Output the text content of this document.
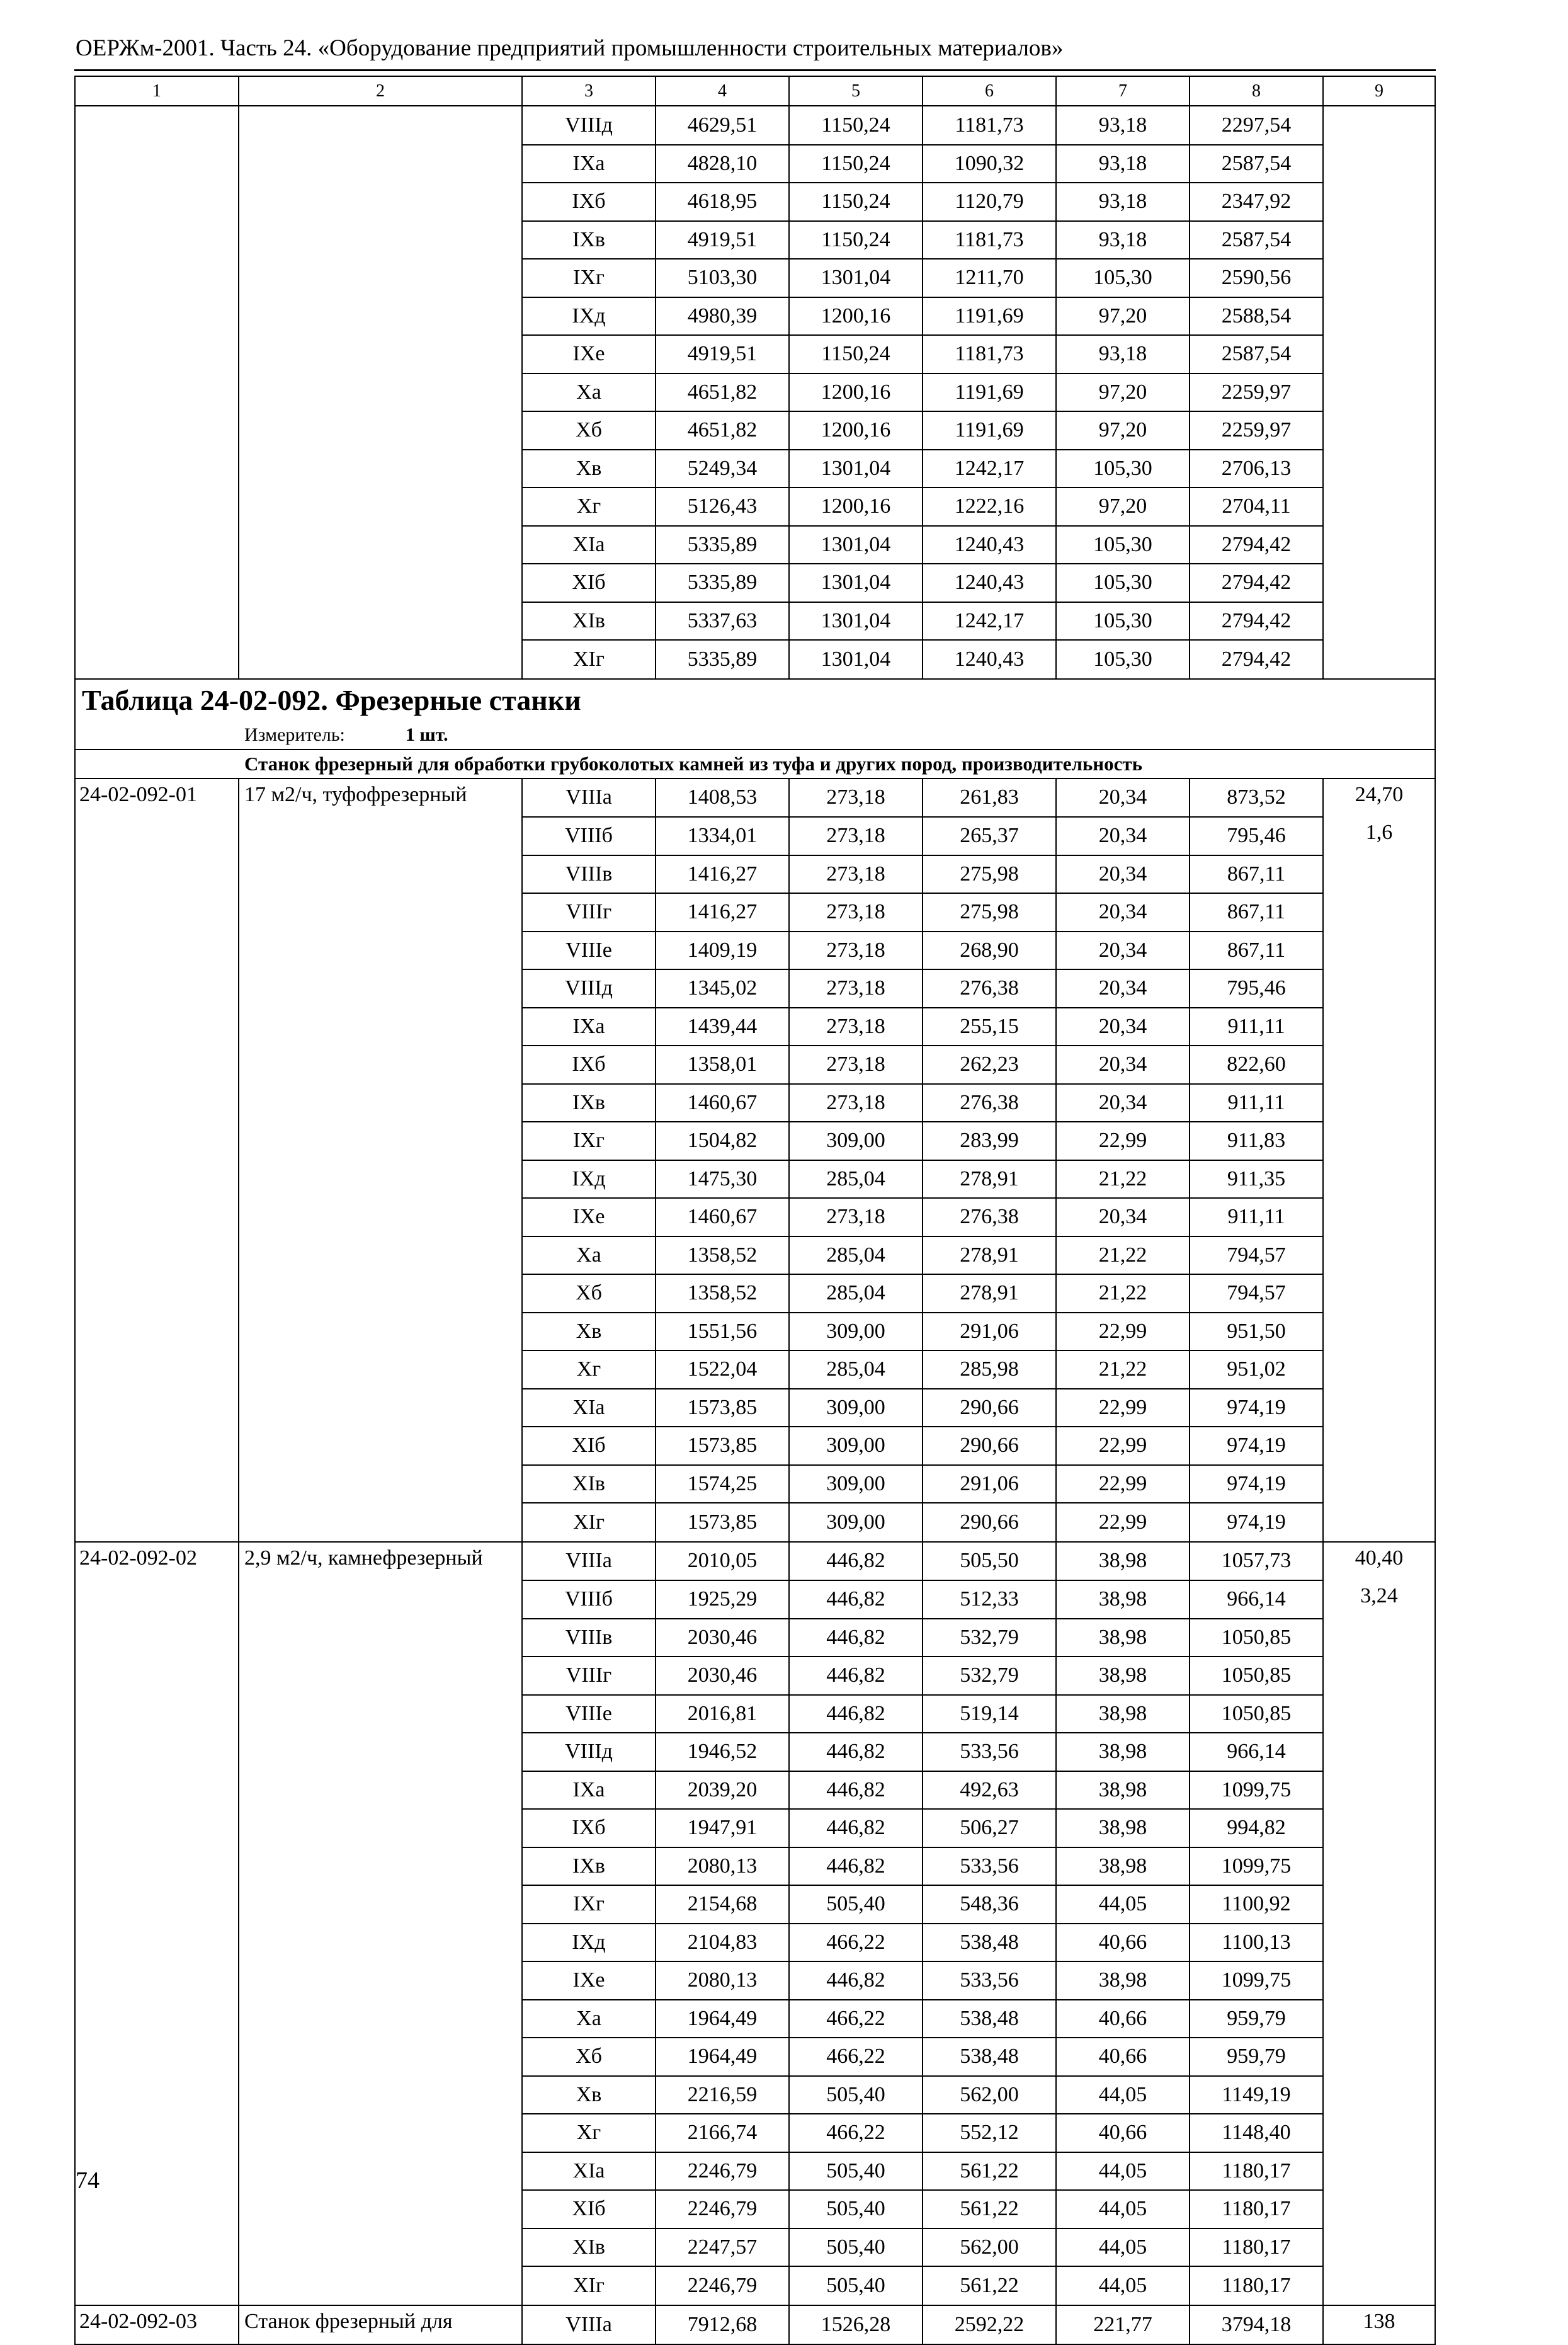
ОЕРЖм-2001. Часть 24. «Оборудование предприятий промышленности строительных материалов»
1	2	3	4	5	6	7	8	9
		VIIIд	4629,51	1150,24	1181,73	93,18	2297,54	
		IXа	4828,10	1150,24	1090,32	93,18	2587,54	
		IXб	4618,95	1150,24	1120,79	93,18	2347,92	
		IXв	4919,51	1150,24	1181,73	93,18	2587,54	
		IXг	5103,30	1301,04	1211,70	105,30	2590,56	
		IXд	4980,39	1200,16	1191,69	97,20	2588,54	
		IXе	4919,51	1150,24	1181,73	93,18	2587,54	
		Xа	4651,82	1200,16	1191,69	97,20	2259,97	
		Xб	4651,82	1200,16	1191,69	97,20	2259,97	
		Xв	5249,34	1301,04	1242,17	105,30	2706,13	
		Xг	5126,43	1200,16	1222,16	97,20	2704,11	
		XIа	5335,89	1301,04	1240,43	105,30	2794,42	
		XIб	5335,89	1301,04	1240,43	105,30	2794,42	
		XIв	5337,63	1301,04	1242,17	105,30	2794,42	
		XIг	5335,89	1301,04	1240,43	105,30	2794,42	
Таблица 24-02-092. Фрезерные станки								
Измеритель: 1 шт.								
Станок фрезерный для обработки грубоколотых камней из туфа и других пород, производительность								
24-02-092-01	17 м2/ч, туфофрезерный	VIIIа	1408,53	273,18	261,83	20,34	873,52	24,70
		VIIIб	1334,01	273,18	265,37	20,34	795,46	1,6
		VIIIв	1416,27	273,18	275,98	20,34	867,11	
		VIIIг	1416,27	273,18	275,98	20,34	867,11	
		VIIIе	1409,19	273,18	268,90	20,34	867,11	
		VIIIд	1345,02	273,18	276,38	20,34	795,46	
		IXа	1439,44	273,18	255,15	20,34	911,11	
		IXб	1358,01	273,18	262,23	20,34	822,60	
		IXв	1460,67	273,18	276,38	20,34	911,11	
		IXг	1504,82	309,00	283,99	22,99	911,83	
		IXд	1475,30	285,04	278,91	21,22	911,35	
		IXе	1460,67	273,18	276,38	20,34	911,11	
		Xа	1358,52	285,04	278,91	21,22	794,57	
		Xб	1358,52	285,04	278,91	21,22	794,57	
		Xв	1551,56	309,00	291,06	22,99	951,50	
		Xг	1522,04	285,04	285,98	21,22	951,02	
		XIа	1573,85	309,00	290,66	22,99	974,19	
		XIб	1573,85	309,00	290,66	22,99	974,19	
		XIв	1574,25	309,00	291,06	22,99	974,19	
		XIг	1573,85	309,00	290,66	22,99	974,19	
24-02-092-02	2,9 м2/ч, камнефрезерный	VIIIа	2010,05	446,82	505,50	38,98	1057,73	40,40
		VIIIб	1925,29	446,82	512,33	38,98	966,14	3,24
		VIIIв	2030,46	446,82	532,79	38,98	1050,85	
		VIIIг	2030,46	446,82	532,79	38,98	1050,85	
		VIIIе	2016,81	446,82	519,14	38,98	1050,85	
		VIIIд	1946,52	446,82	533,56	38,98	966,14	
		IXа	2039,20	446,82	492,63	38,98	1099,75	
		IXб	1947,91	446,82	506,27	38,98	994,82	
		IXв	2080,13	446,82	533,56	38,98	1099,75	
		IXг	2154,68	505,40	548,36	44,05	1100,92	
		IXд	2104,83	466,22	538,48	40,66	1100,13	
		IXе	2080,13	446,82	533,56	38,98	1099,75	
		Xа	1964,49	466,22	538,48	40,66	959,79	
		Xб	1964,49	466,22	538,48	40,66	959,79	
		Xв	2216,59	505,40	562,00	44,05	1149,19	
		Xг	2166,74	466,22	552,12	40,66	1148,40	
		XIа	2246,79	505,40	561,22	44,05	1180,17	
		XIб	2246,79	505,40	561,22	44,05	1180,17	
		XIв	2247,57	505,40	562,00	44,05	1180,17	
		XIг	2246,79	505,40	561,22	44,05	1180,17	
24-02-092-03	Станок фрезерный для	VIIIа	7912,68	1526,28	2592,22	221,77	3794,18	138
74
